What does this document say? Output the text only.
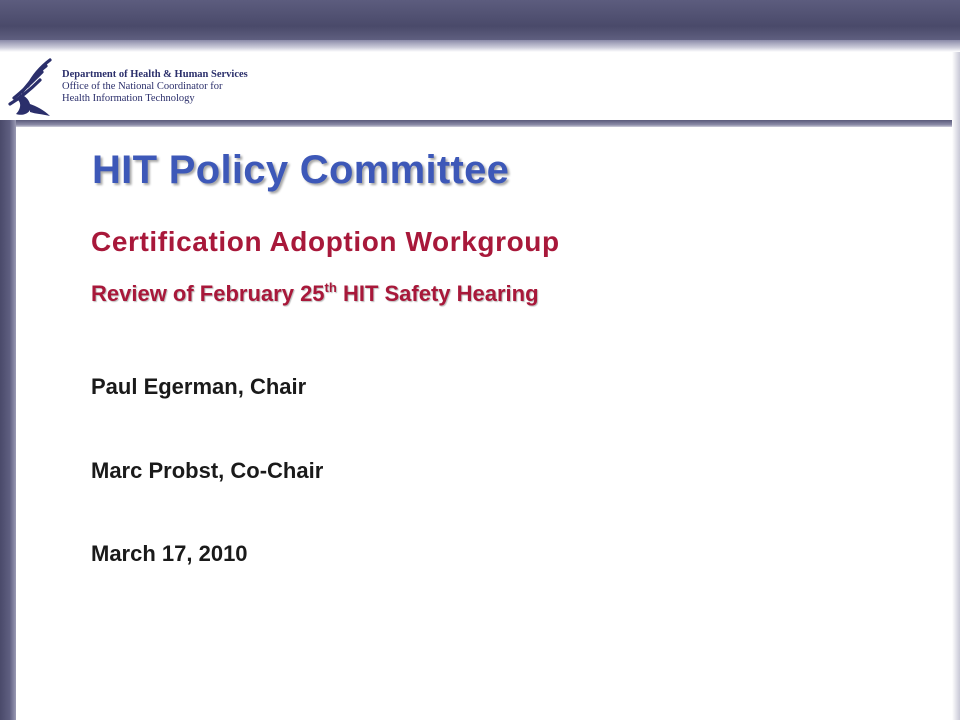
Department of Health & Human Services
Office of the National Coordinator for
Health Information Technology
HIT Policy Committee
Certification Adoption Workgroup

Review of February 25th HIT Safety Hearing

Paul Egerman, Chair

Marc Probst, Co-Chair

March 17, 2010
